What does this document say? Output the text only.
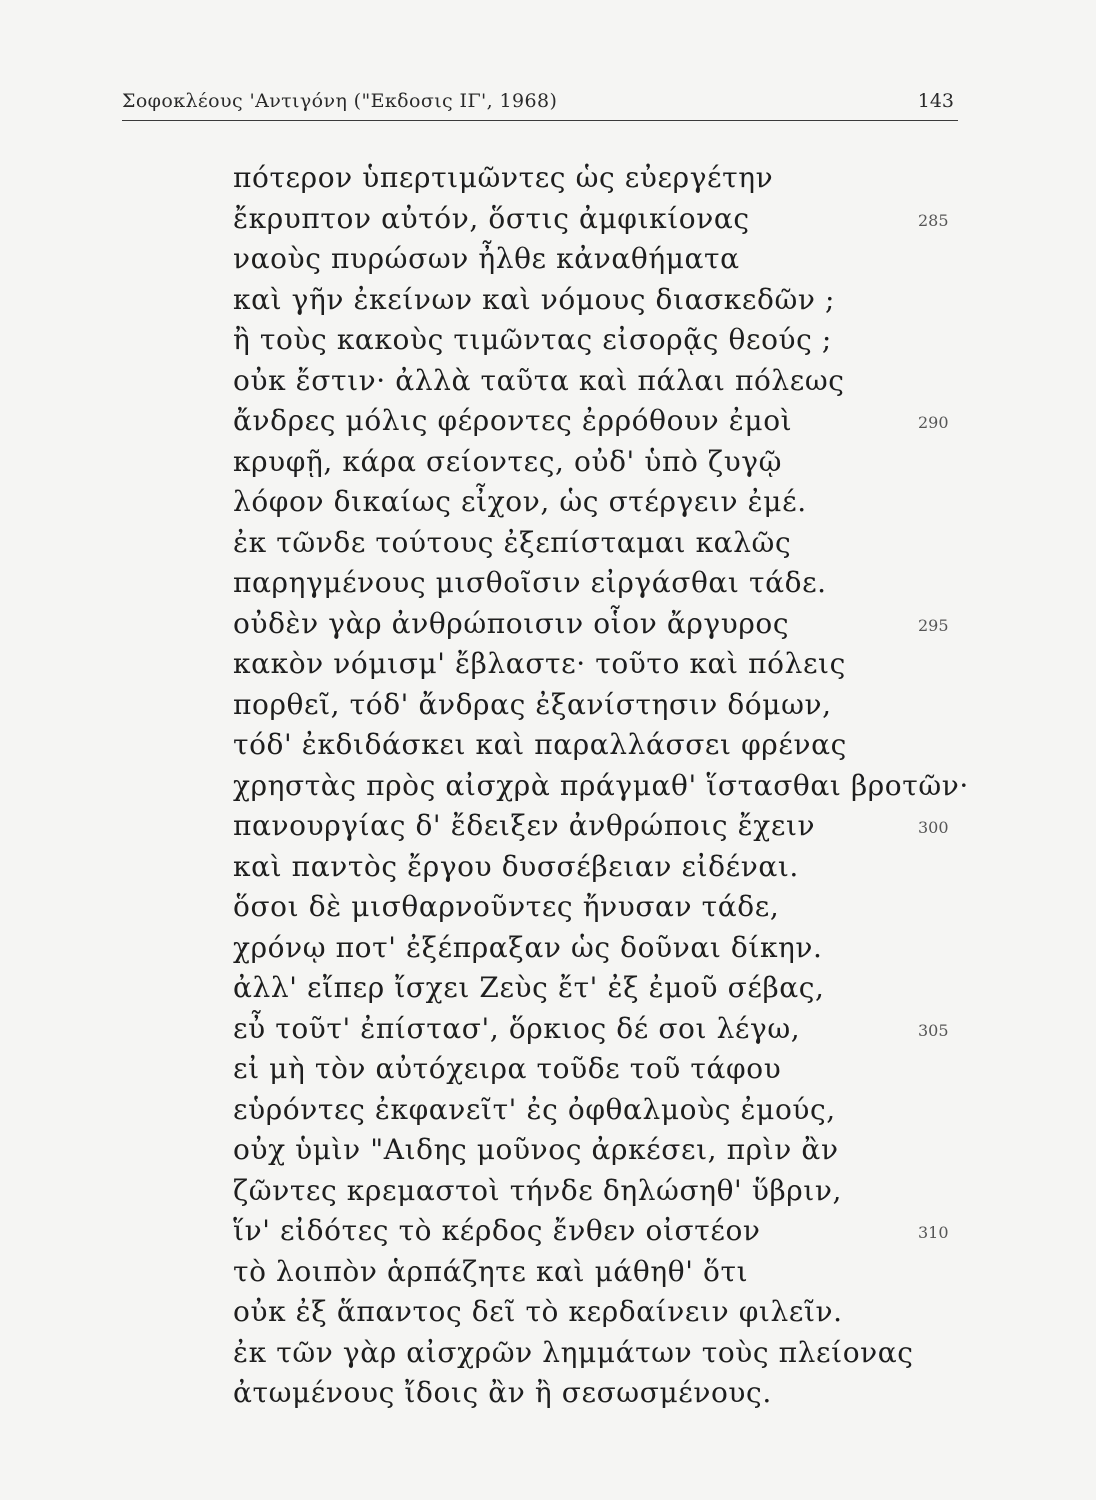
Σοφοκλέους 'Αντιγόνη ("Εκδοσις ΙΓ', 1968)	143
πότερον ὑπερτιμῶντες ὡς εὐεργέτην
ἔκρυπτον αὐτόν, ὅστις ἀμφικίονας	285
ναοὺς πυρώσων ἦλθε κἀναθήματα
καὶ γῆν ἐκείνων καὶ νόμους διασκεδῶν ;
ἢ τοὺς κακοὺς τιμῶντας εἰσορᾷς θεούς ;
οὐκ ἔστιν· ἀλλὰ ταῦτα καὶ πάλαι πόλεως
ἄνδρες μόλις φέροντες ἐρρόθουν ἐμοὶ	290
κρυφῇ, κάρα σείοντες, οὐδ' ὑπὸ ζυγῷ
λόφον δικαίως εἶχον, ὡς στέργειν ἐμέ.
ἐκ τῶνδε τούτους ἐξεπίσταμαι καλῶς
παρηγμένους μισθοῖσιν εἰργάσθαι τάδε.
οὐδὲν γὰρ ἀνθρώποισιν οἷον ἄργυρος	295
κακὸν νόμισμ' ἔβλαστε· τοῦτο καὶ πόλεις
πορθεῖ, τόδ' ἄνδρας ἐξανίστησιν δόμων,
τόδ' ἐκδιδάσκει καὶ παραλλάσσει φρένας
χρηστὰς πρὸς αἰσχρὰ πράγμαθ' ἵστασθαι βροτῶν·
πανουργίας δ' ἔδειξεν ἀνθρώποις ἔχειν	300
καὶ παντὸς ἔργου δυσσέβειαν εἰδέναι.
ὅσοι δὲ μισθαρνοῦντες ἤνυσαν τάδε,
χρόνῳ ποτ' ἐξέπραξαν ὡς δοῦναι δίκην.
ἀλλ' εἴπερ ἴσχει Ζεὺς ἔτ' ἐξ ἐμοῦ σέβας,
εὖ τοῦτ' ἐπίστασ', ὅρκιος δέ σοι λέγω,	305
εἰ μὴ τὸν αὐτόχειρα τοῦδε τοῦ τάφου
εὑρόντες ἐκφανεῖτ' ἐς ὀφθαλμοὺς ἐμούς,
οὐχ ὑμὶν "Αιδης μοῦνος ἀρκέσει, πρὶν ἂν
ζῶντες κρεμαστοὶ τήνδε δηλώσηθ' ὕβριν,
ἵν' εἰδότες τὸ κέρδος ἔνθεν οἰστέον	310
τὸ λοιπὸν ἁρπάζητε καὶ μάθηθ' ὅτι
οὐκ ἐξ ἅπαντος δεῖ τὸ κερδαίνειν φιλεῖν.
ἐκ τῶν γὰρ αἰσχρῶν λημμάτων τοὺς πλείονας
ἀτωμένους ἴδοις ἂν ἢ σεσωσμένους.
